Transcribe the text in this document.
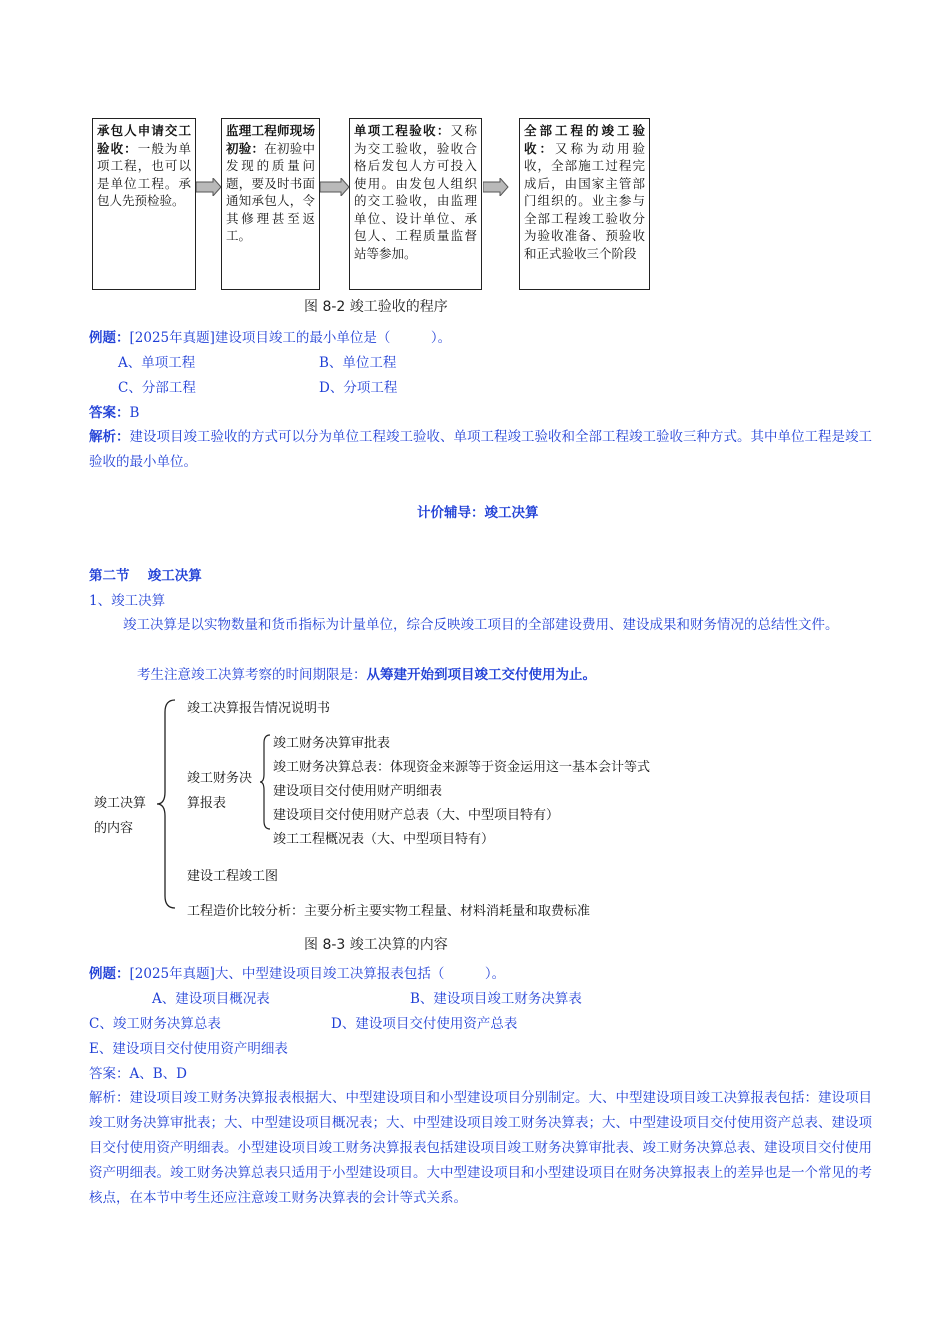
承包人申请交工验收：一般为单项工程，也可以是单位工程。承包人先预检验。
监理工程师现场初验：在初验中发现的质量问题，要及时书面通知承包人，令其修理甚至返工。
单项工程验收：又称为交工验收，验收合格后发包人方可投入使用。由发包人组织的交工验收，由监理单位、设计单位、承包人、工程质量监督站等参加。
全部工程的竣工验收：又称为动用验收，全部施工过程完成后，由国家主管部门组织的。业主参与全部工程竣工验收分为验收准备、预验收和正式验收三个阶段
图 8-2 竣工验收的程序
例题：[2025年真题]建设项目竣工的最小单位是（　　　）。
A、单项工程	B、单位工程
C、分部工程	D、分项工程
答案：B
解析：建设项目竣工验收的方式可以分为单位工程竣工验收、单项工程竣工验收和全部工程竣工验收三种方式。其中单位工程是竣工验收的最小单位。
计价辅导：竣工决算
第二节　 竣工决算
1、竣工决算
竣工决算是以实物数量和货币指标为计量单位，综合反映竣工项目的全部建设费用、建设成果和财务情况的总结性文件。
考生注意竣工决算考察的时间期限是：从筹建开始到项目竣工交付使用为止。
竣工决算的内容
竣工决算报告情况说明书
竣工财务决算报表
竣工财务决算审批表
竣工财务决算总表：体现资金来源等于资金运用这一基本会计等式
建设项目交付使用财产明细表
建设项目交付使用财产总表（大、中型项目特有）
竣工工程概况表（大、中型项目特有）
建设工程竣工图
工程造价比较分析：主要分析主要实物工程量、材料消耗量和取费标准
图 8-3 竣工决算的内容
例题：[2025年真题]大、中型建设项目竣工决算报表包括（　　　）。
A、建设项目概况表	B、建设项目竣工财务决算表
C、竣工财务决算总表	D、建设项目交付使用资产总表
E、建设项目交付使用资产明细表
答案：A、B、D
解析：建设项目竣工财务决算报表根据大、中型建设项目和小型建设项目分别制定。大、中型建设项目竣工决算报表包括：建设项目竣工财务决算审批表；大、中型建设项目概况表；大、中型建设项目竣工财务决算表；大、中型建设项目交付使用资产总表、建设项目交付使用资产明细表。小型建设项目竣工财务决算报表包括建设项目竣工财务决算审批表、竣工财务决算总表、建设项目交付使用资产明细表。竣工财务决算总表只适用于小型建设项目。大中型建设项目和小型建设项目在财务决算报表上的差异也是一个常见的考核点，在本节中考生还应注意竣工财务决算表的会计等式关系。
